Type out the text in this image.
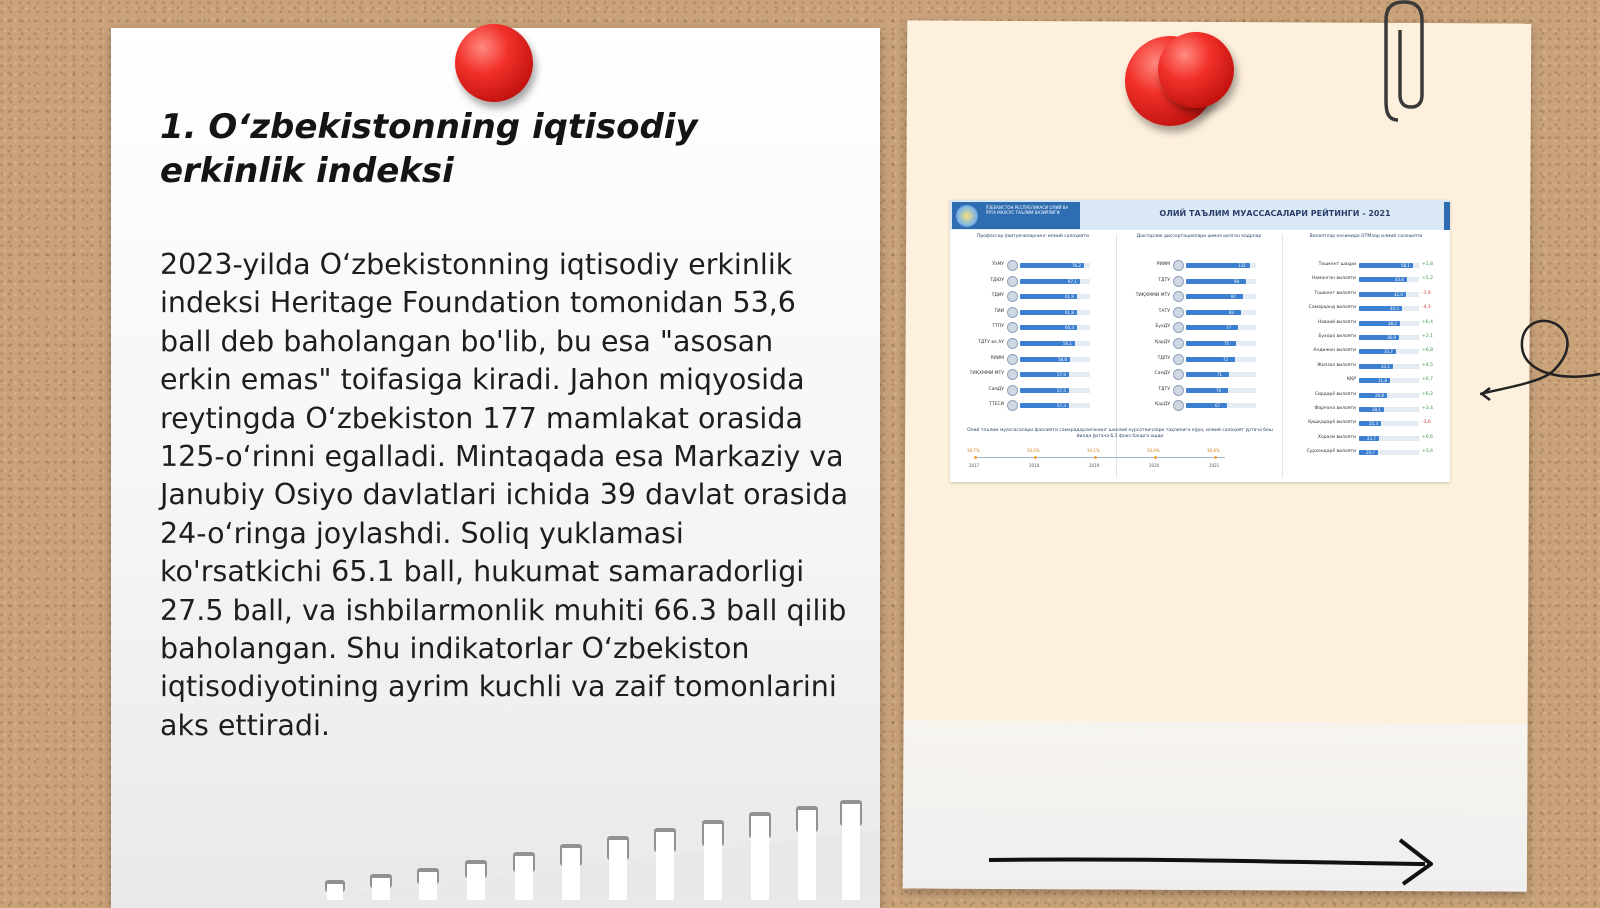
1. O‘zbekistonning iqtisodiy erkinlik indeksi

2023-yilda O‘zbekistonning iqtisodiy erkinlik indeksi Heritage Foundation tomonidan 53,6 ball deb baholangan bo'lib, bu esa "asosan erkin emas" toifasiga kiradi. Jahon miqyosida reytingda O‘zbekiston 177 mamlakat orasida 125-o‘rinni egalladi. Mintaqada esa Markaziy va Janubiy Osiyo davlatlari ichida 39 davlat orasida 24-o‘ringa joylashdi. Soliq yuklamasi ko'rsatkichi 65.1 ball, hukumat samaradorligi 27.5 ball, va ishbilarmonlik muhiti 66.3 ball qilib baholangan. Shu indikatorlar O‘zbekiston iqtisodiyotining ayrim kuchli va zaif tomonlarini aks ettiradi.

ЎЗБЕКИСТОН РЕСПУБЛИКАСИ ОЛИЙ ВА ЎРТА МАХСУС ТАЪЛИМ ВАЗИРЛИГИ	ОЛИЙ ТАЪЛИМ МУАССАСАЛАРИ РЕЙТИНГИ - 2021

Профессор-ўқитувчиларнинг илмий салоҳияти
ЎзМУ	76,2
ТДЮУ	67,1
ТДИУ	61,9
ТИИ	61,8
ТТПУ	60,3
ТДТУ ва АУ	56,1
РИИМ	58,8
ТИҚХММИ МТУ	57,9
СамДУ	57,5
ТТЕСИ	57,3
Докторлик диссертациялари ҳимоя қилган кадрлар
РИИМ	132
ТДТУ	98
ТИҚХММИ МТУ	87
ТАТУ	83
БухДУ	77
ҚарДУ	75
ТДПУ	72
СамДУ	71
ТДТУ	70
ҚарДУ	67
Вилоятлар кесимида ОТМлар илмий салоҳияти
Тошкент шаҳри	58,1	+1,8
Наманган вилояти	43,6	+5,2
Тошкент вилояти	42,0	-1,9
Самарқанд вилояти	40,5	-4,3
Навоий вилояти	38,2	+6,4
Бухоро вилояти	36,9	+2,1
Андижон вилояти	35,7	+6,8
Жиззах вилояти	33,1	+4,5
ҚҚР	31,8	+0,7
Сирдарё вилояти	29,8	+6,2
Фарғона вилояти	28,1	+3,4
Қашқадарё вилояти	25,3	-3,6
Хоразм вилояти	23,7	+0,6
Сурхондарё вилояти	20,7	+3,4
Олий таълим муассасалари фаолияти самарадорлигининг шаклий курсаткичлари таҳлилига кўра, илмий салоҳият ўртача беш йилда ўртача 6,1 фоиз бандга ошди
30,7%
2017
34,0%
2018
34,1%
2019
34,9%
2020
36,8%
2021
